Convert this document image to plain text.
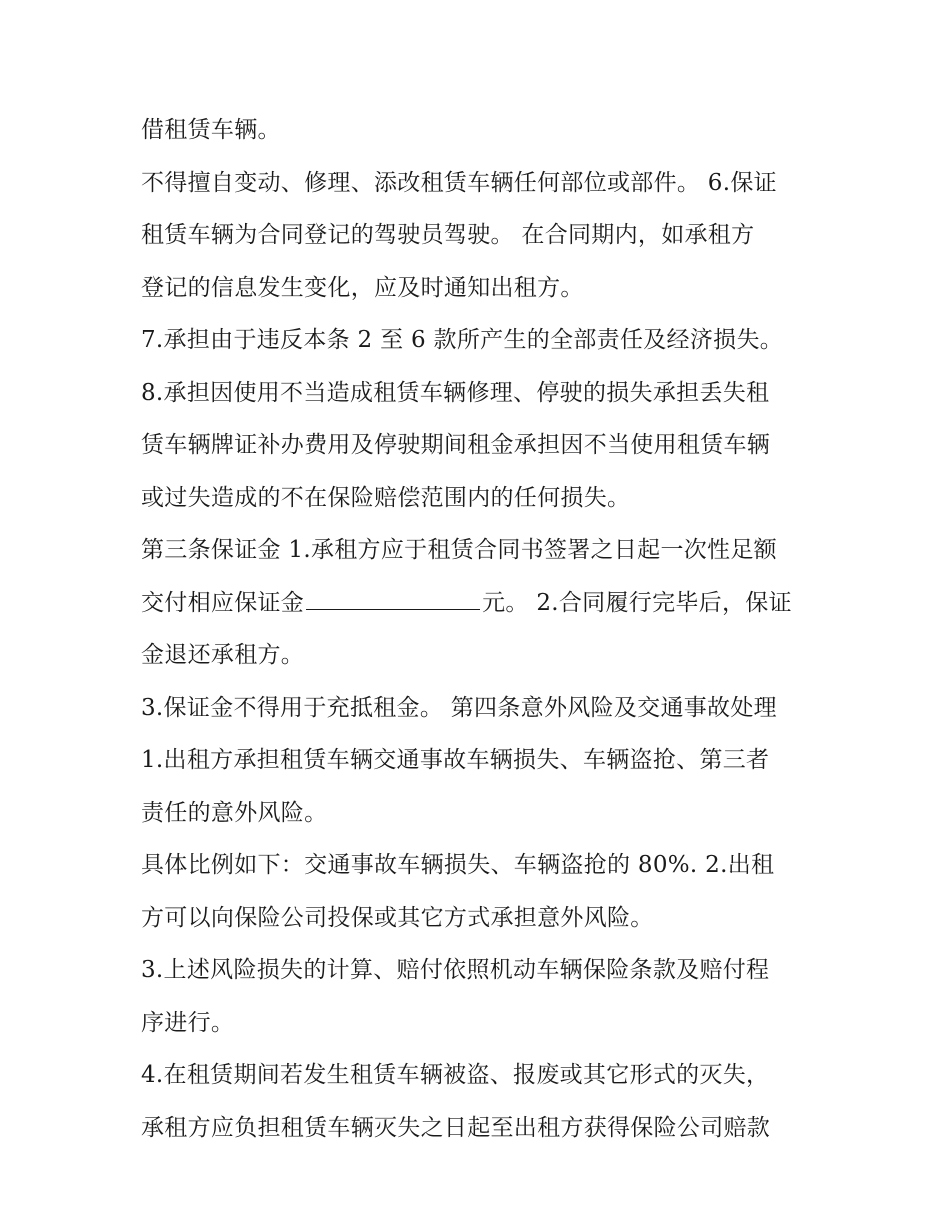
借租赁车辆。
不得擅自变动、修理、添改租赁车辆任何部位或部件。 6.保证
租赁车辆为合同登记的驾驶员驾驶。 在合同期内，如承租方
登记的信息发生变化，应及时通知出租方。
7.承担由于违反本条 2 至 6 款所产生的全部责任及经济损失。
8.承担因使用不当造成租赁车辆修理、停驶的损失承担丢失租
赁车辆牌证补办费用及停驶期间租金承担因不当使用租赁车辆
或过失造成的不在保险赔偿范围内的任何损失。
第三条保证金 1.承租方应于租赁合同书签署之日起一次性足额
交付相应保证金	元。 2.合同履行完毕后，保证
金退还承租方。
3.保证金不得用于充抵租金。 第四条意外风险及交通事故处理
1.出租方承担租赁车辆交通事故车辆损失、车辆盗抢、第三者
责任的意外风险。
具体比例如下：交通事故车辆损失、车辆盗抢的 80%. 2.出租
方可以向保险公司投保或其它方式承担意外风险。
3.上述风险损失的计算、赔付依照机动车辆保险条款及赔付程
序进行。
4.在租赁期间若发生租赁车辆被盗、报废或其它形式的灭失，
承租方应负担租赁车辆灭失之日起至出租方获得保险公司赔款
